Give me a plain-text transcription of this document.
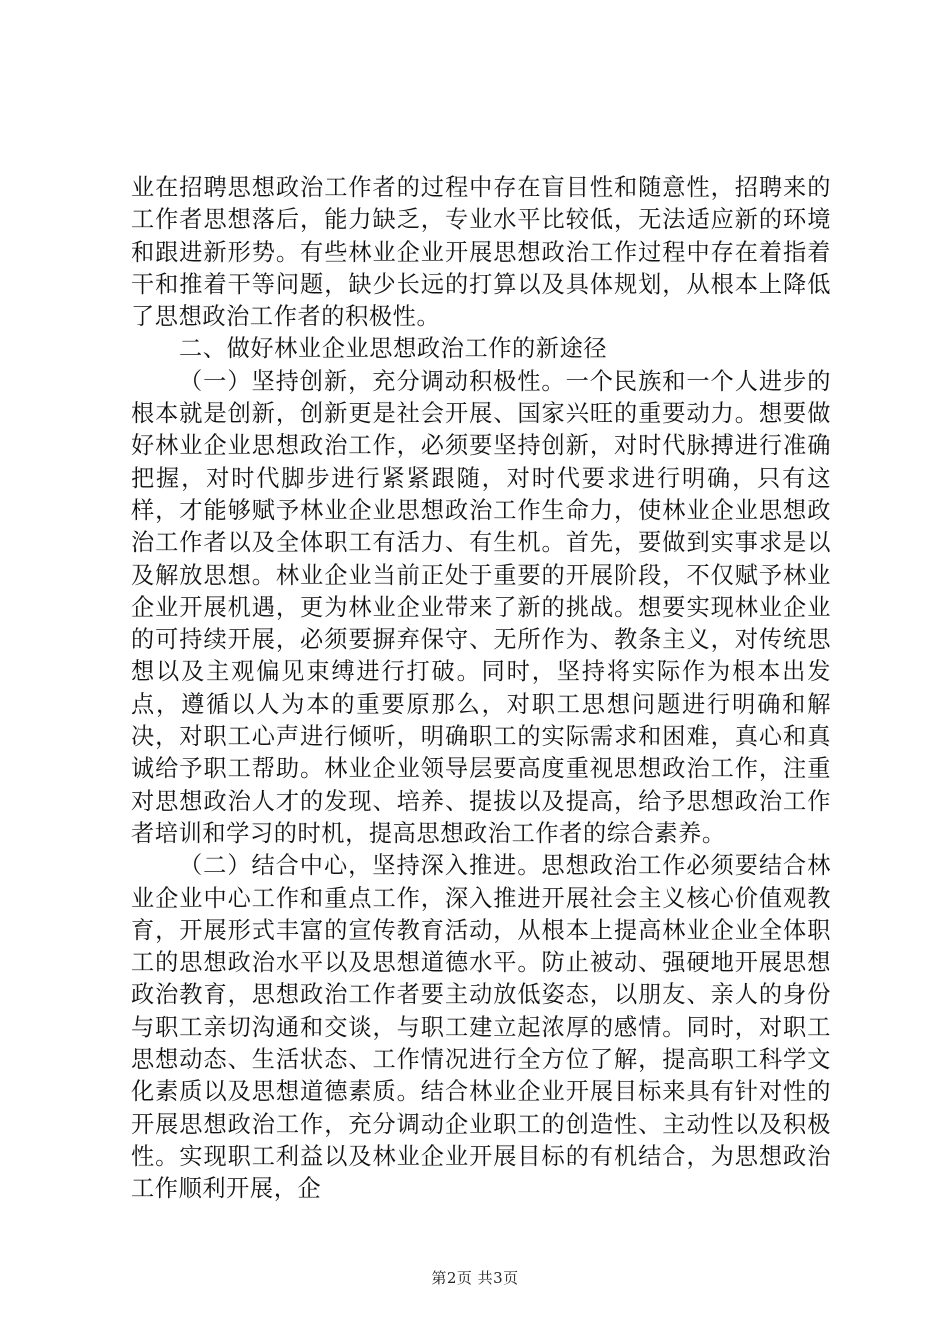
业在招聘思想政治工作者的过程中存在盲目性和随意性，招聘来的工作者思想落后，能力缺乏，专业水平比较低，无法适应新的环境和跟进新形势。有些林业企业开展思想政治工作过程中存在着指着干和推着干等问题，缺少长远的打算以及具体规划，从根本上降低了思想政治工作者的积极性。

二、做好林业企业思想政治工作的新途径

（一）坚持创新，充分调动积极性。一个民族和一个人进步的根本就是创新，创新更是社会开展、国家兴旺的重要动力。想要做好林业企业思想政治工作，必须要坚持创新，对时代脉搏进行准确把握，对时代脚步进行紧紧跟随，对时代要求进行明确，只有这样，才能够赋予林业企业思想政治工作生命力，使林业企业思想政治工作者以及全体职工有活力、有生机。首先，要做到实事求是以及解放思想。林业企业当前正处于重要的开展阶段，不仅赋予林业企业开展机遇，更为林业企业带来了新的挑战。想要实现林业企业的可持续开展，必须要摒弃保守、无所作为、教条主义，对传统思想以及主观偏见束缚进行打破。同时，坚持将实际作为根本出发点，遵循以人为本的重要原那么，对职工思想问题进行明确和解决，对职工心声进行倾听，明确职工的实际需求和困难，真心和真诚给予职工帮助。林业企业领导层要高度重视思想政治工作，注重对思想政治人才的发现、培养、提拔以及提高，给予思想政治工作者培训和学习的时机，提高思想政治工作者的综合素养。

（二）结合中心，坚持深入推进。思想政治工作必须要结合林业企业中心工作和重点工作，深入推进开展社会主义核心价值观教育，开展形式丰富的宣传教育活动，从根本上提高林业企业全体职工的思想政治水平以及思想道德水平。防止被动、强硬地开展思想政治教育，思想政治工作者要主动放低姿态，以朋友、亲人的身份与职工亲切沟通和交谈，与职工建立起浓厚的感情。同时，对职工思想动态、生活状态、工作情况进行全方位了解，提高职工科学文化素质以及思想道德素质。结合林业企业开展目标来具有针对性的开展思想政治工作，充分调动企业职工的创造性、主动性以及积极性。实现职工利益以及林业企业开展目标的有机结合，为思想政治工作顺利开展，企

第2页 共3页
